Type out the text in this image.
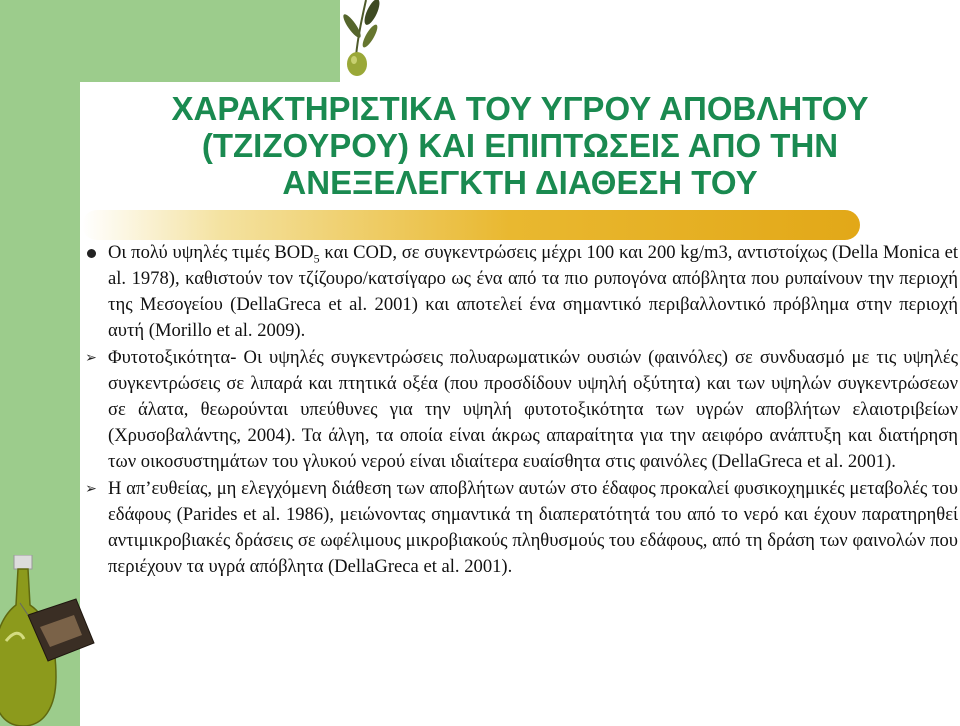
ΧΑΡΑΚΤΗΡΙΣΤΙΚΑ ΤΟΥ ΥΓΡΟΥ ΑΠΟΒΛΗΤΟΥ
(ΤΖΙΖΟΥΡΟΥ) ΚΑΙ ΕΠΙΠΤΩΣΕΙΣ ΑΠΟ ΤΗΝ
ΑΝΕΞΕΛΕΓΚΤΗ ΔΙΑΘΕΣΗ ΤΟΥ

Οι πολύ υψηλές τιμές $BOD_5$ και COD, σε συγκεντρώσεις μέχρι 100 και 200 kg/m3, αντιστοίχως (Della Monica et al. 1978), καθιστούν τον τζίζουρο/κατσίγαρο ως ένα από τα πιο ρυπογόνα απόβλητα που ρυπαίνουν την περιοχή της Μεσογείου (DellaGreca et al. 2001) και αποτελεί ένα σημαντικό περιβαλλοντικό πρόβλημα στην περιοχή αυτή (Morillo et al. 2009).

➢ Φυτοτοξικότητα- Οι υψηλές συγκεντρώσεις πολυαρωματικών ουσιών (φαινόλες) σε συνδυασμό με τις υψηλές συγκεντρώσεις σε λιπαρά και πτητικά οξέα (που προσδίδουν υψηλή οξύτητα) και των υψηλών συγκεντρώσεων σε άλατα, θεωρούνται υπεύθυνες για την υψηλή φυτοτοξικότητα των υγρών αποβλήτων ελαιοτριβείων (Χρυσοβαλάντης, 2004). Τα άλγη, τα οποία είναι άκρως απαραίτητα για την αειφόρο ανάπτυξη και διατήρηση των οικοσυστημάτων του γλυκού νερού είναι ιδιαίτερα ευαίσθητα στις φαινόλες (DellaGreca et al. 2001).

➢ Η απ’ευθείας, μη ελεγχόμενη διάθεση των αποβλήτων αυτών στο έδαφος προκαλεί φυσικοχημικές μεταβολές του εδάφους (Parides et al. 1986), μειώνοντας σημαντικά τη διαπερατότητά του από το νερό και έχουν παρατηρηθεί αντιμικροβιακές δράσεις σε ωφέλιμους μικροβιακούς πληθυσμούς του εδάφους, από τη δράση των φαινολών που περιέχουν τα υγρά απόβλητα (DellaGreca et al. 2001).
